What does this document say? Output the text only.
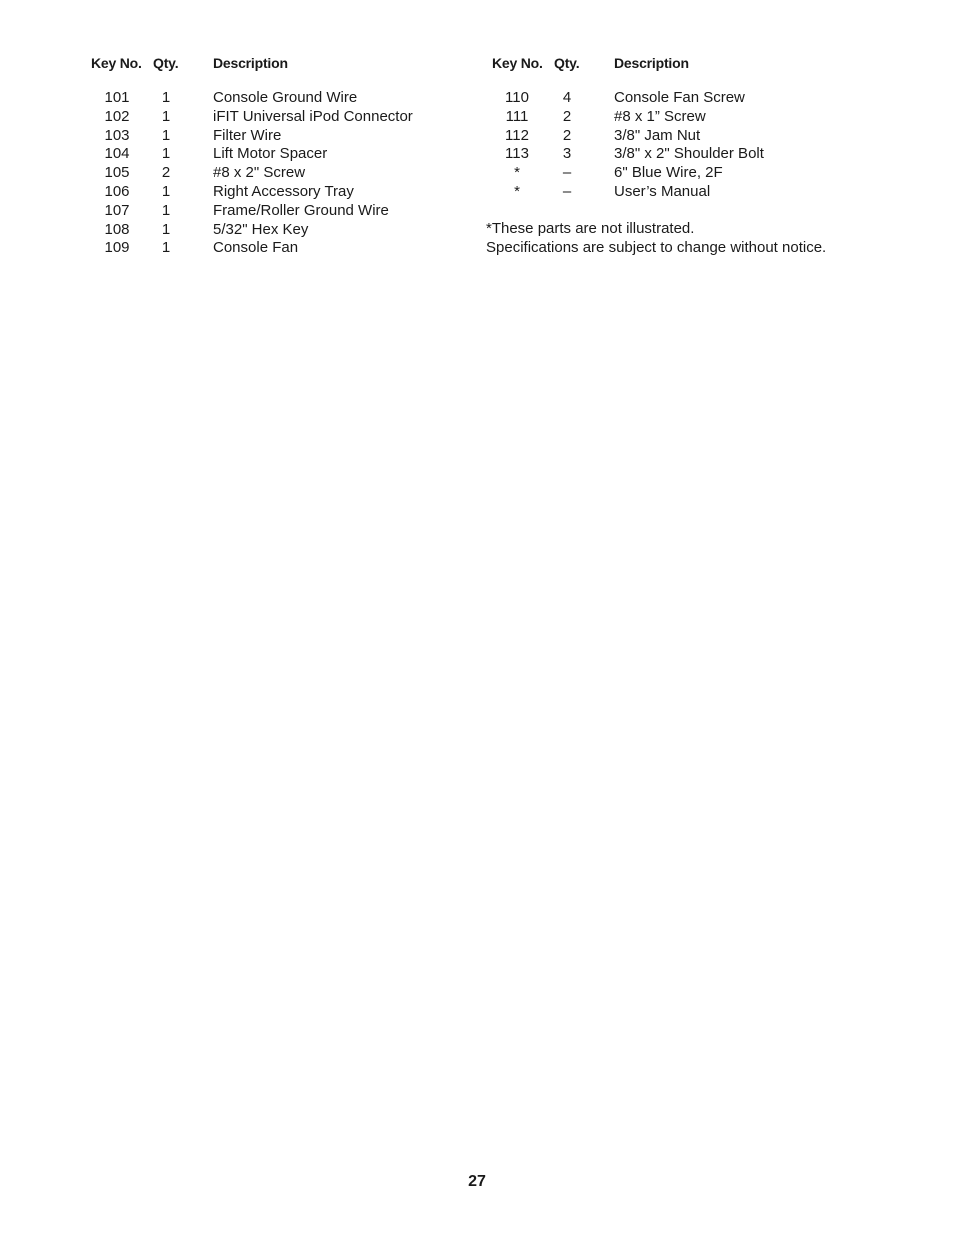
Key No. Qty. Description
101	1	Console Ground Wire
102	1	iFIT Universal iPod Connector
103	1	Filter Wire
104	1	Lift Motor Spacer
105	2	#8 x 2" Screw
106	1	Right Accessory Tray
107	1	Frame/Roller Ground Wire
108	1	5/32" Hex Key
109	1	Console Fan
Key No. Qty. Description
110	4	Console Fan Screw
111	2	#8 x 1” Screw
112	2	3/8" Jam Nut
113	3	3/8" x 2" Shoulder Bolt
*	–	6" Blue Wire, 2F
*	–	User’s Manual
*These parts are not illustrated.
Specifications are subject to change without notice.
27
